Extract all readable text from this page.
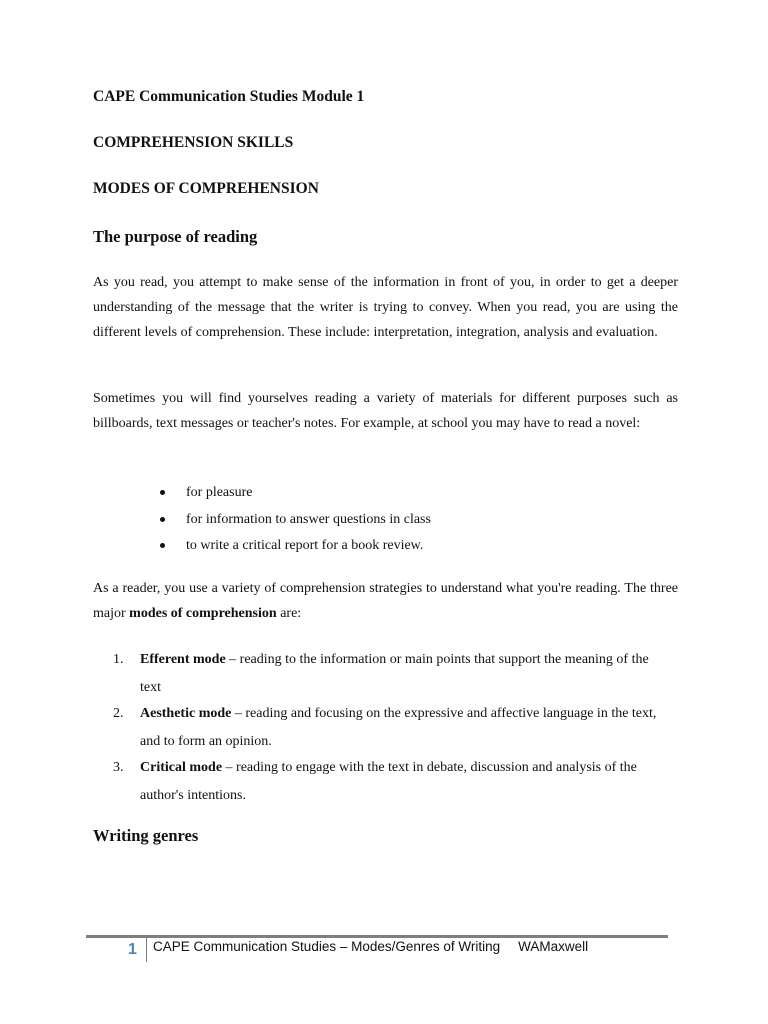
CAPE Communication Studies Module 1
COMPREHENSION SKILLS
MODES OF COMPREHENSION
The purpose of reading

As you read, you attempt to make sense of the information in front of you, in order to get a deeper understanding of the message that the writer is trying to convey. When you read, you are using the different levels of comprehension. These include: interpretation, integration, analysis and evaluation.

Sometimes you will find yourselves reading a variety of materials for different purposes such as billboards, text messages or teacher's notes. For example, at school you may have to read a novel:

for pleasure
for information to answer questions in class
to write a critical report for a book review.

As a reader, you use a variety of comprehension strategies to understand what you're reading. The three major modes of comprehension are:

1. Efferent mode – reading to the information or main points that support the meaning of the text
2. Aesthetic mode – reading and focusing on the expressive and affective language in the text, and to form an opinion.
3. Critical mode – reading to engage with the text in debate, discussion and analysis of the author's intentions.
Writing genres
1 CAPE Communication Studies – Modes/Genres of Writing WAMaxwell
